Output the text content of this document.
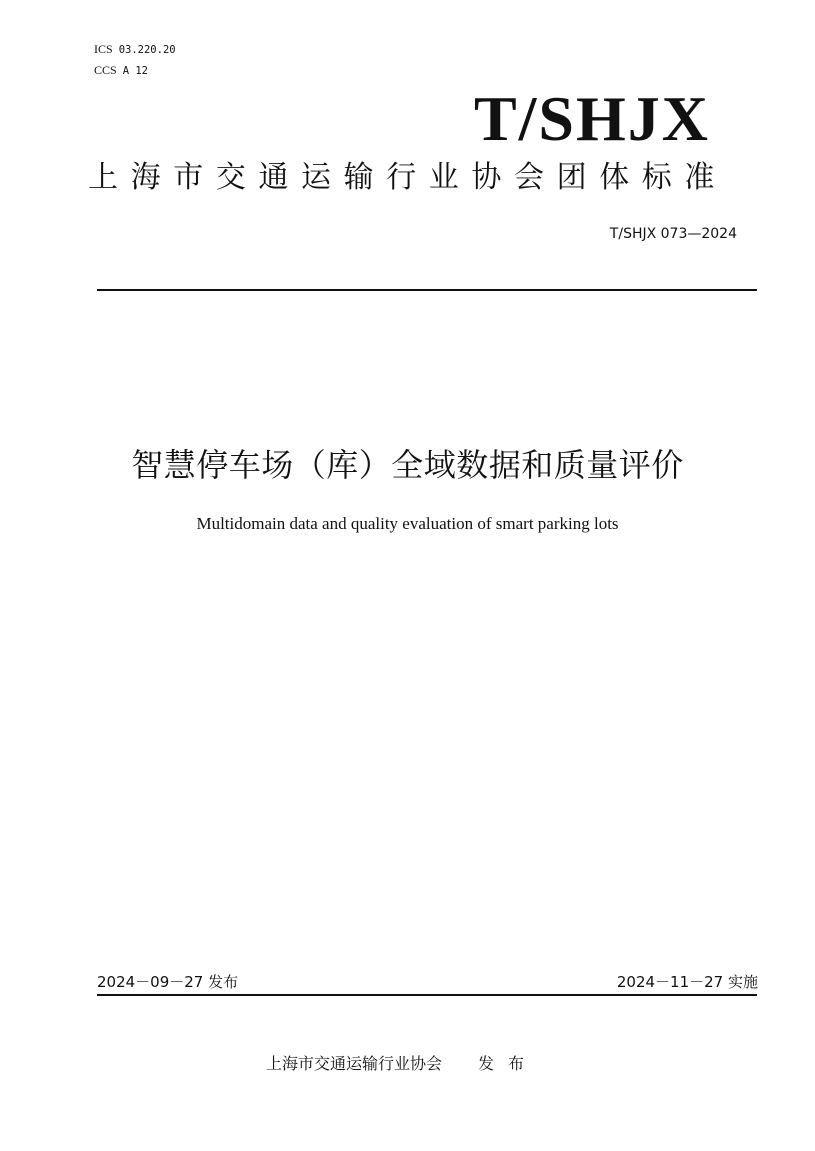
ICS 03.220.20
CCS A 12
T/SHJX
上海市交通运输行业协会团体标准
T/SHJX 073—2024
智慧停车场（库）全域数据和质量评价
Multidomain data and quality evaluation of smart parking lots
2024－09－27 发布	2024－11－27 实施
上海市交通运输行业协会 发布
